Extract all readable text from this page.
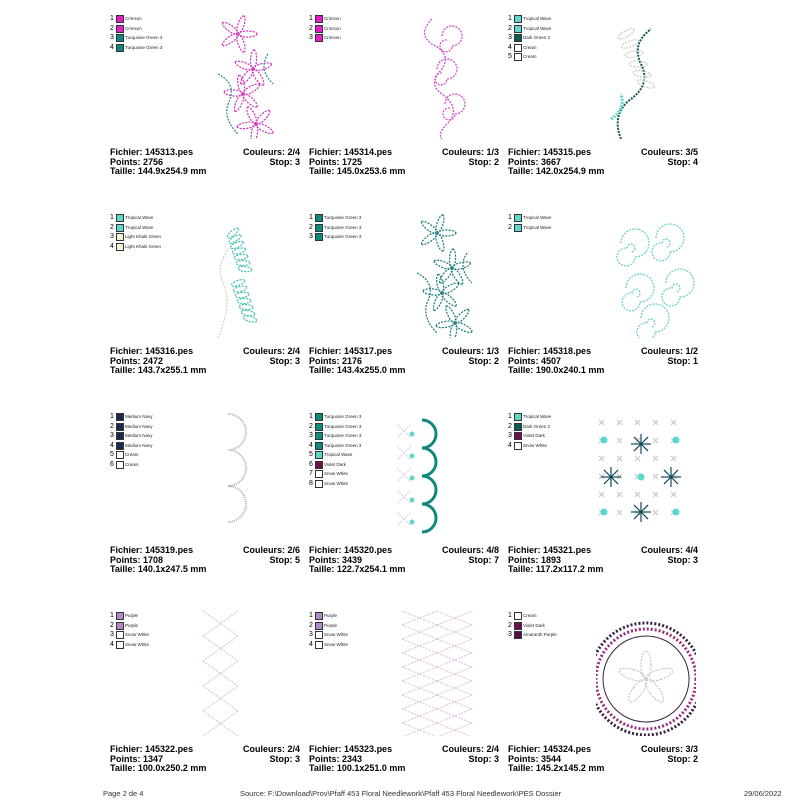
1	Crimson
2	Crimson
3	Turquoise Green 3
4	Turquoise Green 3
Fichier: 145313.pes	Couleurs: 2/4
Points: 2756	Stop: 3
Taille: 144.9x254.9 mm
1	Crimson
2	Crimson
3	Crimson
Fichier: 145314.pes	Couleurs: 1/3
Points: 1725	Stop: 2
Taille: 145.0x253.6 mm
1	Tropical Wave
2	Tropical Wave
3	Dark Green 2
4	Cream
5	Cream
Fichier: 145315.pes	Couleurs: 3/5
Points: 3667	Stop: 4
Taille: 142.0x254.9 mm
1	Tropical Wave
2	Tropical Wave
3	Light Khaki Green
4	Light Khaki Green
Fichier: 145316.pes	Couleurs: 2/4
Points: 2472	Stop: 3
Taille: 143.7x255.1 mm
1	Turquoise Green 3
2	Turquoise Green 3
3	Turquoise Green 3
Fichier: 145317.pes	Couleurs: 1/3
Points: 2176	Stop: 2
Taille: 143.4x255.0 mm
1	Tropical Wave
2	Tropical Wave
Fichier: 145318.pes	Couleurs: 1/2
Points: 4507	Stop: 1
Taille: 190.0x240.1 mm
1	Medium Navy
2	Medium Navy
3	Medium Navy
4	Medium Navy
5	Cream
6	Cream
Fichier: 145319.pes	Couleurs: 2/6
Points: 1708	Stop: 5
Taille: 140.1x247.5 mm
1	Turquoise Green 3
2	Turquoise Green 3
3	Turquoise Green 3
4	Turquoise Green 3
5	Tropical Wave
6	Violet Dark
7	Snow White
8	Snow White
Fichier: 145320.pes	Couleurs: 4/8
Points: 3439	Stop: 7
Taille: 122.7x254.1 mm
1	Tropical Wave
2	Dark Green 2
3	Violet Dark
4	Snow White
Fichier: 145321.pes	Couleurs: 4/4
Points: 1893	Stop: 3
Taille: 117.2x117.2 mm
1	Purple
2	Purple
3	Snow White
4	Snow White
Fichier: 145322.pes	Couleurs: 2/4
Points: 1347	Stop: 3
Taille: 100.0x250.2 mm
1	Purple
2	Purple
3	Snow White
4	Snow White
Fichier: 145323.pes	Couleurs: 2/4
Points: 2343	Stop: 3
Taille: 100.1x251.0 mm
1	Cream
2	Violet Dark
3	Amaranth Purple
Fichier: 145324.pes	Couleurs: 3/3
Points: 3544	Stop: 2
Taille: 145.2x145.2 mm
Page 2 de 4	Source: F:\Download\Prov\Pfaff 453 Floral Needlework\Pfaff 453 Floral Needlework\PES Dossier	29/06/2022
